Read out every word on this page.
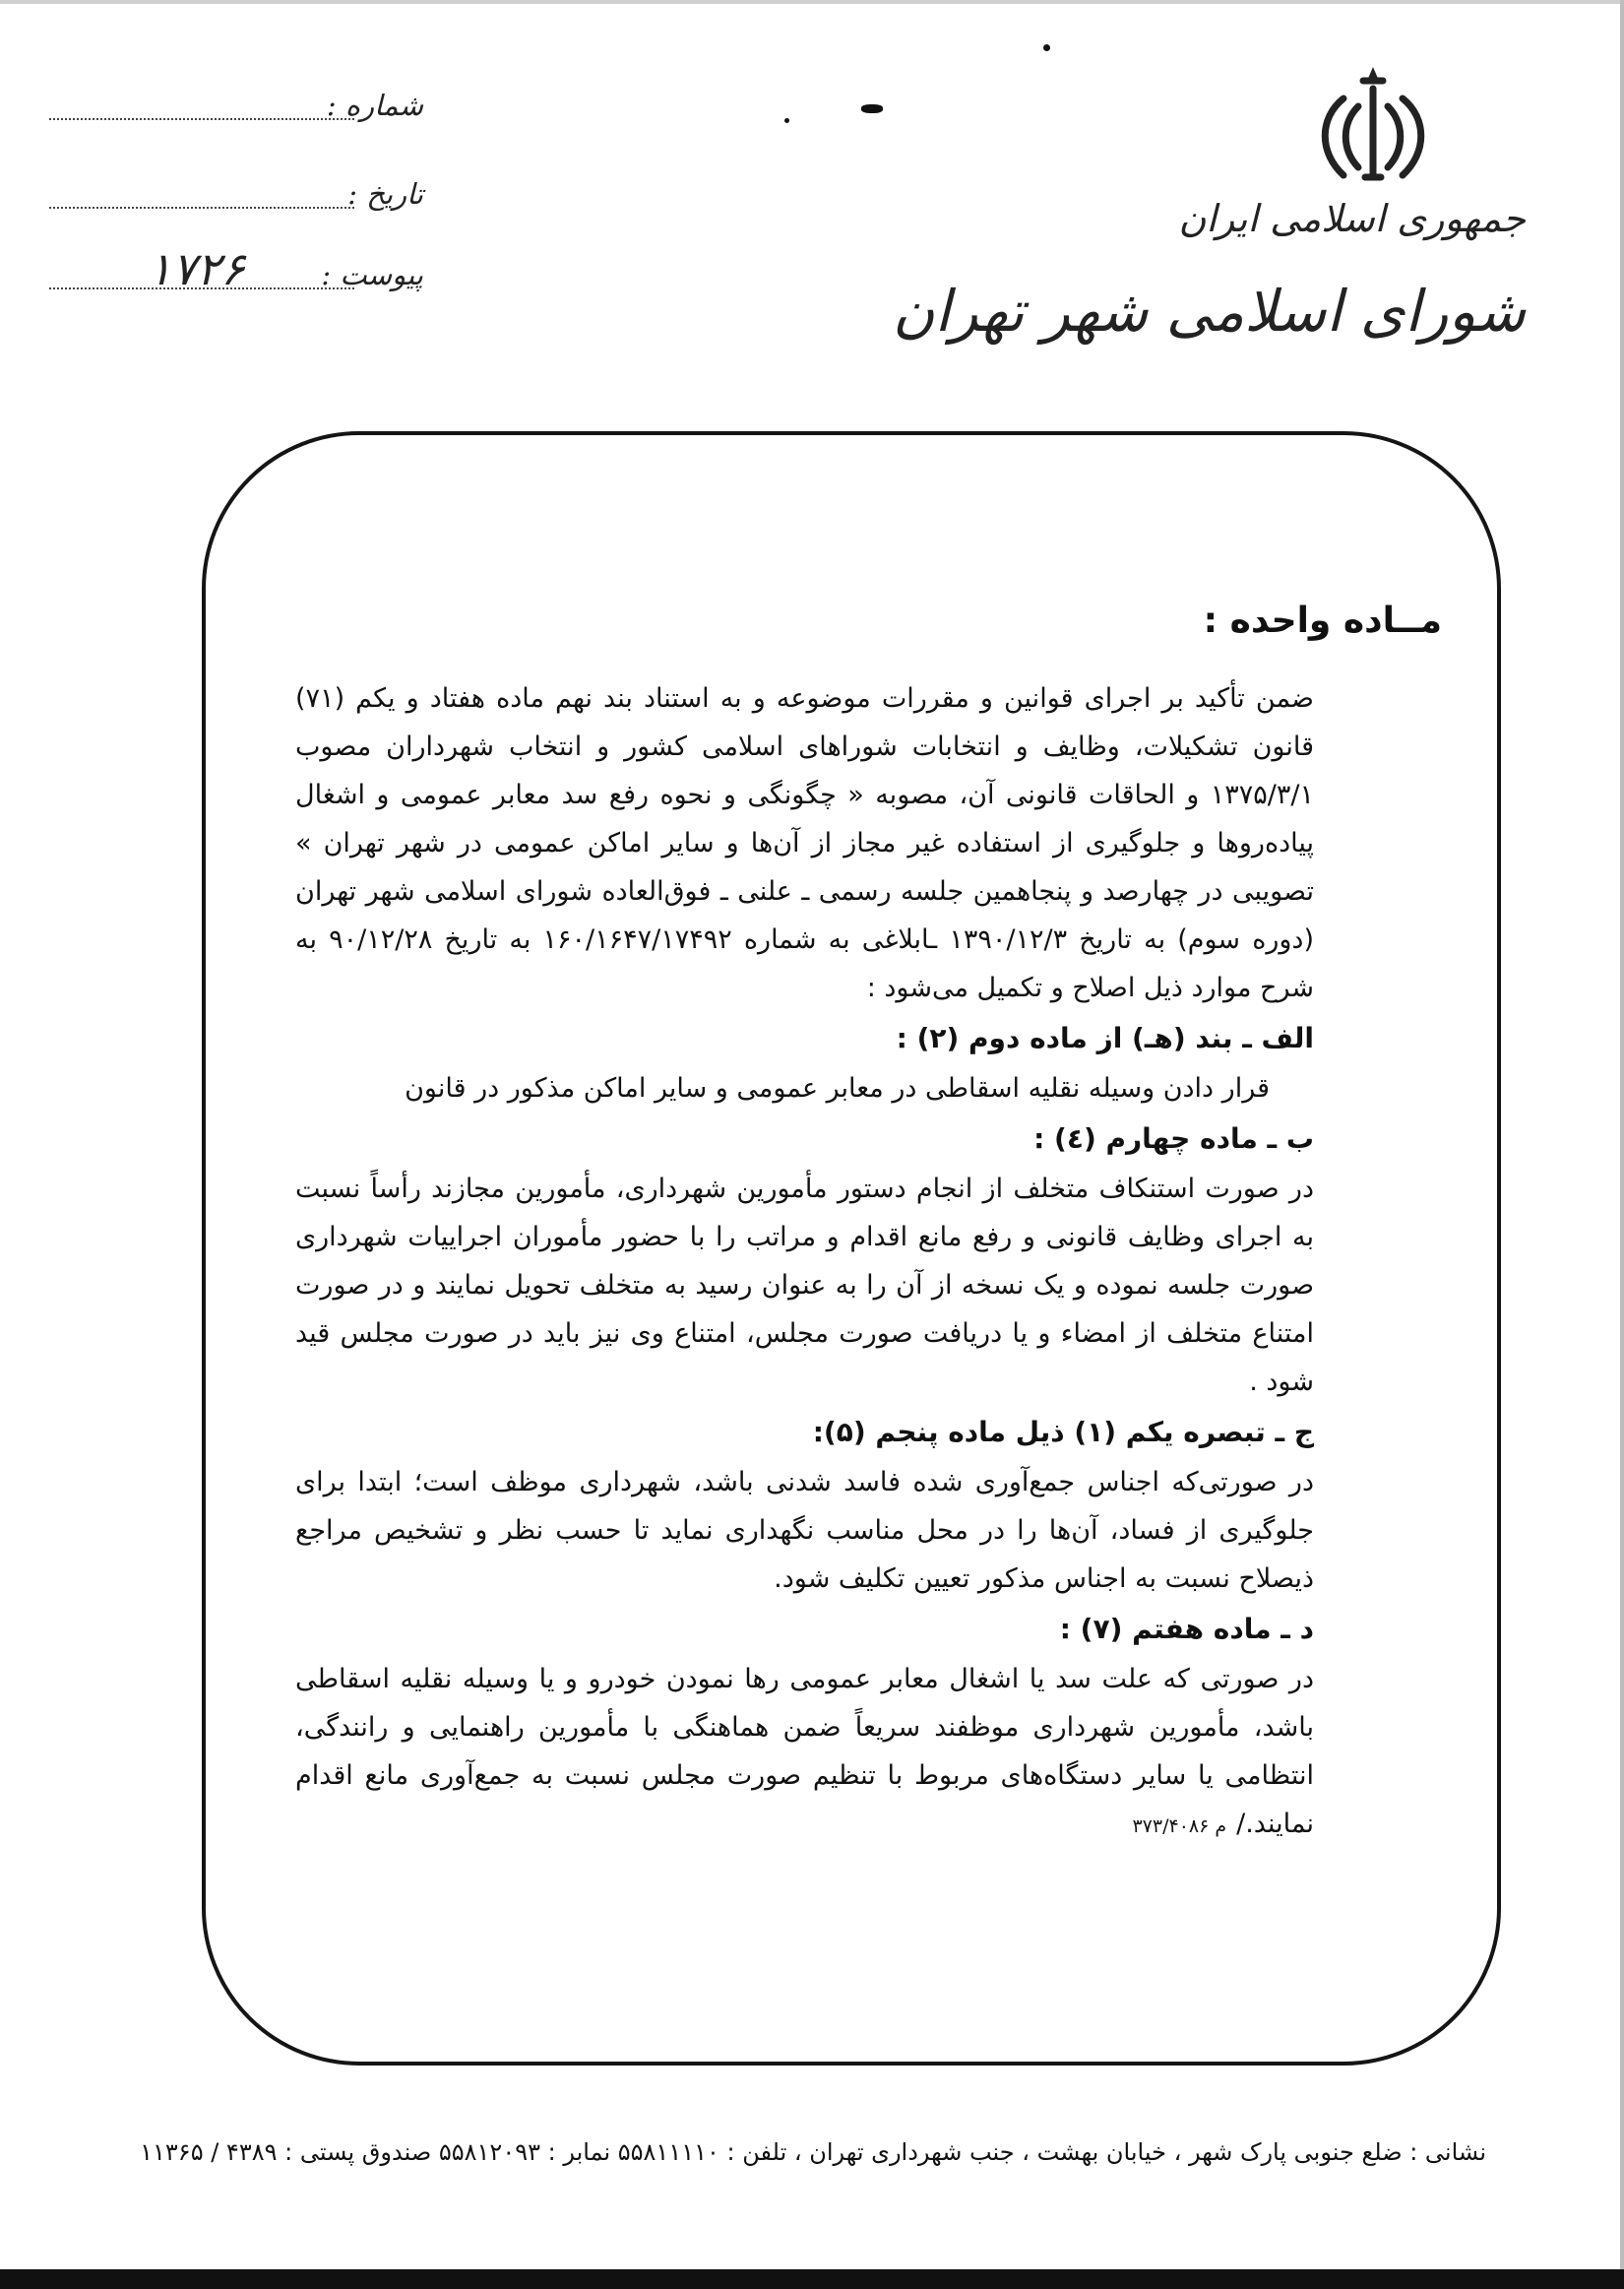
شماره :
تاریخ :
پیوست :
۱۷۲۶
جمهوری اسلامی ایران
شورای اسلامی شهر تهران
مــاده واحده :

ضمن تأکید بر اجرای قوانین و مقررات موضوعه و به استناد بند نهم ماده هفتاد و یکم (۷۱) قانون تشکیلات، وظایف و انتخابات شوراهای اسلامی کشور و انتخاب شهرداران مصوب ۱۳۷۵/۳/۱ و الحاقات قانونی آن، مصوبه « چگونگی و نحوه رفع سد معابر عمومی و اشغال پیاده‌روها و جلوگیری از استفاده غیر مجاز از آن‌ها و سایر اماکن عمومی در شهر تهران » تصویبی در چهارصد و پنجاهمین جلسه رسمی ـ علنی ـ فوق‌العاده شورای اسلامی شهر تهران (دوره سوم) به تاریخ ۱۳۹۰/۱۲/۳ ـابلاغی به شماره ۱۶۰/۱۶۴۷/۱۷۴۹۲ به تاریخ ۹۰/۱۲/۲۸ به شرح موارد ذیل اصلاح و تکمیل می‌شود :

الف ـ بند (هـ) از ماده دوم (۲) :

قرار دادن وسیله نقلیه اسقاطی در معابر عمومی و سایر اماکن مذکور در قانون

ب ـ ماده چهارم (٤) :

در صورت استنکاف متخلف از انجام دستور مأمورین شهرداری، مأمورین مجازند رأساً نسبت به اجرای وظایف قانونی و رفع مانع اقدام و مراتب را با حضور مأموران اجراییات شهرداری صورت جلسه نموده و یک نسخه از آن را به عنوان رسید به متخلف تحویل نمایند و در صورت امتناع متخلف از امضاء و یا دریافت صورت مجلس، امتناع وی نیز باید در صورت مجلس قید شود .

ج ـ تبصره یکم (۱) ذیل ماده پنجم (۵):

در صورتی‌که اجناس جمع‌آوری شده فاسد شدنی باشد، شهرداری موظف است؛ ابتدا برای جلوگیری از فساد، آن‌ها را در محل مناسب نگهداری نماید تا حسب نظر و تشخیص مراجع ذیصلاح نسبت به اجناس مذکور تعیین تکلیف شود.

د ـ ماده هفتم (۷) :

در صورتی که علت سد یا اشغال معابر عمومی رها نمودن خودرو و یا وسیله نقلیه اسقاطی باشد، مأمورین شهرداری موظفند سریعاً ضمن هماهنگی با مأمورین راهنمایی و رانندگی، انتظامی یا سایر دستگاه‌های مربوط با تنظیم صورت مجلس نسبت به جمع‌آوری مانع اقدام نمایند./م ۳۷۳/۴۰۸۶

نشانی : ضلع جنوبی پارک شهر ، خیابان بهشت ، جنب شهرداری تهران ، تلفن : ۵۵۸۱۱۱۱۰ نمابر : ۵۵۸۱۲۰۹۳ صندوق پستی : ۴۳۸۹ / ۱۱۳۶۵
